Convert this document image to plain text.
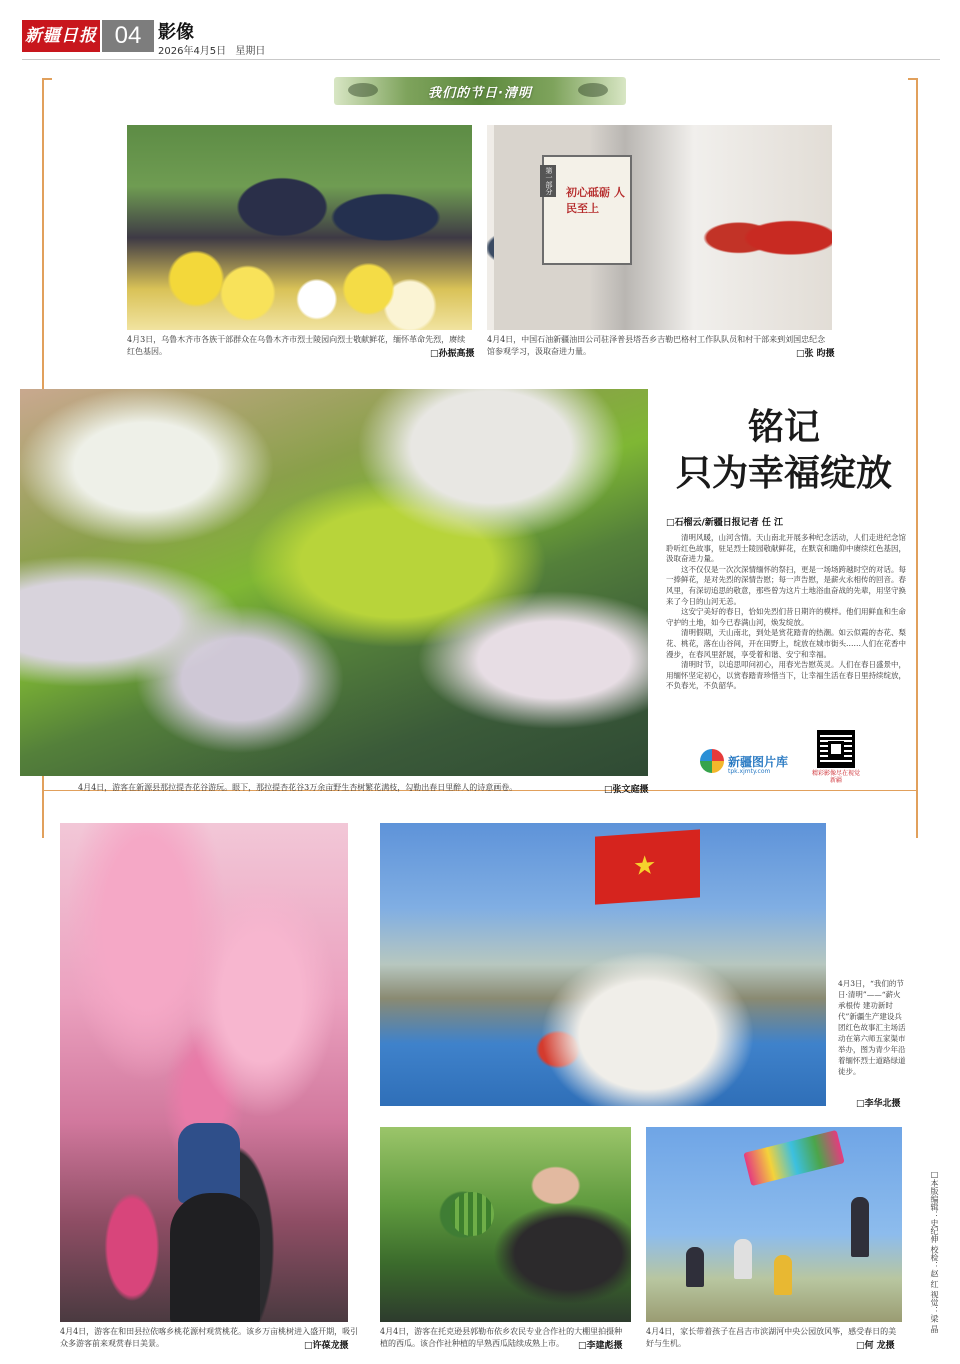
新疆日报 04 影像
2026年4月5日 星期日
我们的节日·清明
4月3日，乌鲁木齐市各族干部群众在乌鲁木齐市烈士陵园向烈士敬献鲜花，缅怀革命先烈，赓续红色基因。	□孙振高摄
第一部分 初心砥砺 人民至上
4月4日，中国石油新疆油田公司驻泽普县塔吾乡吉勒巴格村工作队队员和村干部来到刘国忠纪念馆参观学习，汲取奋进力量。	□张 昀摄
4月4日，游客在新源县那拉提杏花谷游玩。眼下，那拉提杏花谷3万余亩野生杏树繁花满枝，勾勒出春日里醉人的诗意画卷。	□张文庭摄
铭记
只为幸福绽放
□石榴云/新疆日报记者 任 江

清明风暖，山河含情。天山南北开展多种纪念活动，人们走进纪念馆聆听红色故事，驻足烈士陵园敬献鲜花，在默哀和瞻仰中赓续红色基因，汲取奋进力量。

这不仅仅是一次次深情缅怀的祭扫，更是一场场跨越时空的对话。每一捧鲜花，是对先烈的深情告慰；每一声告慰，是薪火永相传的回音。春风里，有深切追思的敬意，那些曾为这片土地浴血奋战的先辈，用坚守换来了今日的山河无恙。

这安宁美好的春日，恰如先烈们昔日期许的模样。他们用鲜血和生命守护的土地，如今已春满山河，焕发绽放。

清明假期，天山南北，到处是赏花踏青的热潮。如云似霞的杏花、梨花、桃花，落在山谷间，开在田野上，绽放在城市街头……人们在花香中漫步，在春风里舒展，享受着和谐、安宁和幸福。

清明时节，以追思叩问初心，用春光告慰英灵。人们在春日盛景中，用缅怀坚定初心，以赏春踏青珍惜当下，让幸福生活在春日里持续绽放，不负春光，不负韶华。

新疆图片库
tpk.xjmty.com	精彩影像尽在视觉新疆
4月4日，游客在和田县拉依喀乡桃花源村观赏桃花。该乡万亩桃树进入盛开期，吸引众多游客前来观赏春日美景。	□许葆龙摄
★
4月3日，“我们的节日·清明”——“薪火承根传 建功新时代”新疆生产建设兵团红色故事汇主场活动在第六师五家渠市举办，图为青少年沿着缅怀烈士道路绿道徒步。
□李华北摄
4月4日，游客在托克逊县郭勒布依乡农民专业合作社的大棚里拍摄种植的西瓜。该合作社种植的早熟西瓜陆续成熟上市。	□李建彪摄
4月4日，家长带着孩子在昌吉市滨湖河中央公园放风筝，感受春日的美好与生机。	□何 龙摄
□本版编辑：史纪伸 校检：赵 红 视觉：梁 晶
